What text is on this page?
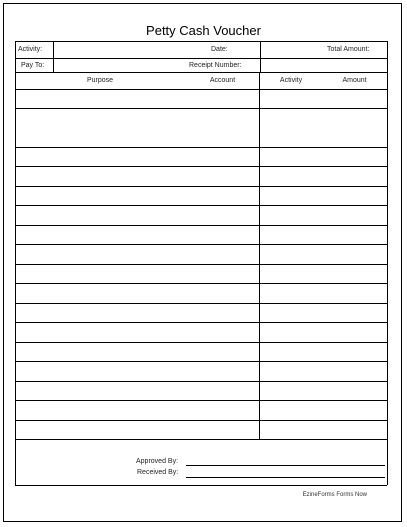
Petty Cash Voucher
Activity:	Date:	Total Amount:
Pay To:	Receipt Number:
Purpose	Account	Activity	Amount
Approved By:
Received By:
EzineForms Forms Now
